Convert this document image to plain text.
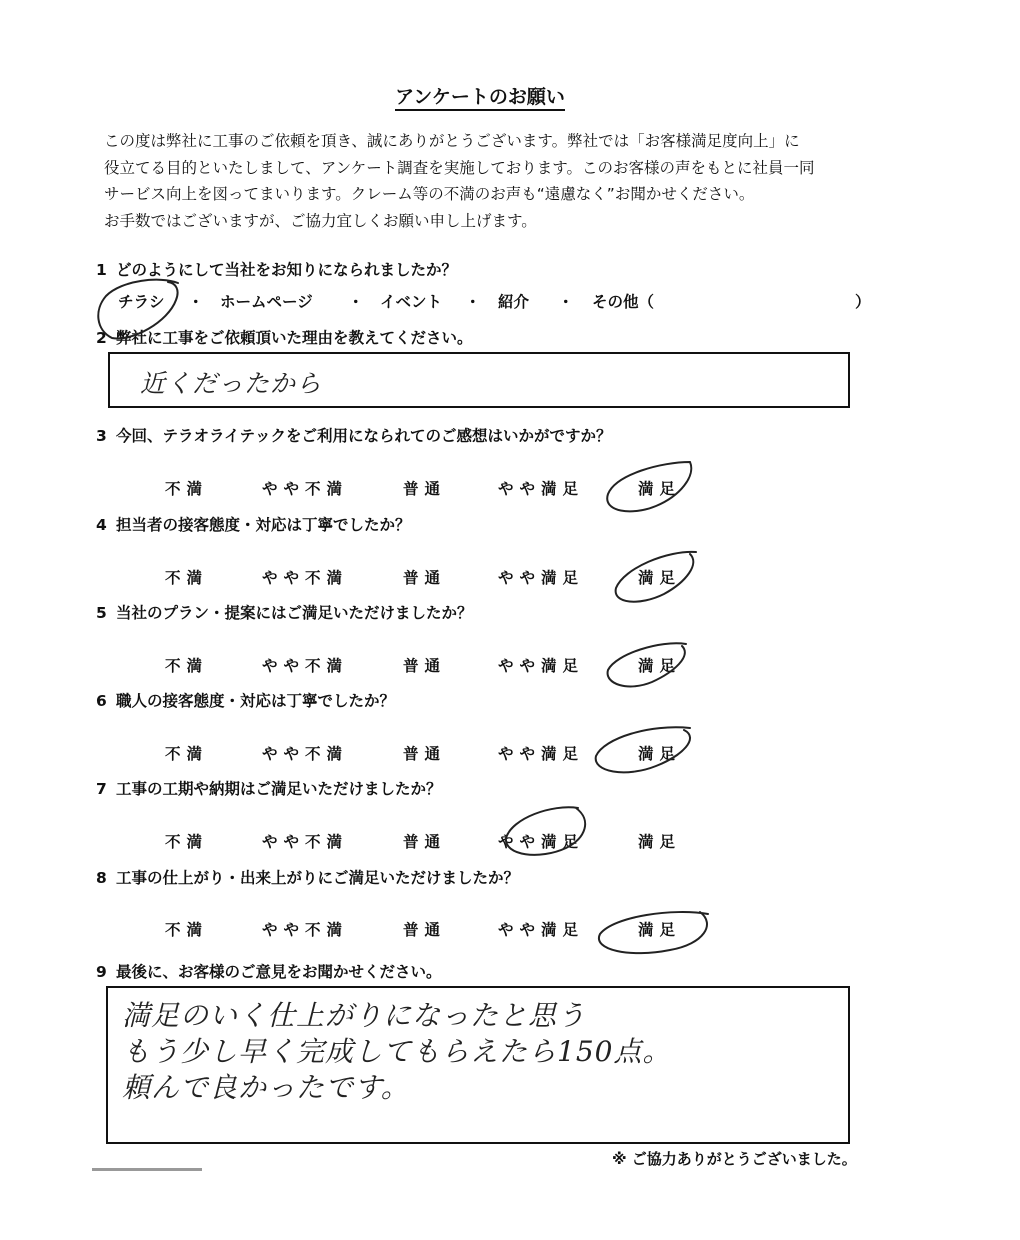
アンケートのお願い
この度は弊社に工事のご依頼を頂き、誠にありがとうございます。弊社では「お客様満足度向上」に
役立てる目的といたしまして、アンケート調査を実施しております。このお客様の声をもとに社員一同
サービス向上を図ってまいります。クレーム等の不満のお声も“遠慮なく”お聞かせください。
お手数ではございますが、ご協力宜しくお願い申し上げます。
1 どのようにして当社をお知りになられましたか？
チラシ ・ ホームページ ・ イベント ・ 紹介 ・ その他（	）
2 弊社に工事をご依頼頂いた理由を教えてください。
近くだったから
3 今回、テラオライテックをご利用になられてのご感想はいかがですか？
不満	やや不満	普通	やや満足	満足
4 担当者の接客態度・対応は丁寧でしたか？
不満	やや不満	普通	やや満足	満足
5 当社のプラン・提案にはご満足いただけましたか？
不満	やや不満	普通	やや満足	満足
6 職人の接客態度・対応は丁寧でしたか？
不満	やや不満	普通	やや満足	満足
7 工事の工期や納期はご満足いただけましたか？
不満	やや不満	普通	やや満足	満足
8 工事の仕上がり・出来上がりにご満足いただけましたか？
不満	やや不満	普通	やや満足	満足
9 最後に、お客様のご意見をお聞かせください。
満足のいく仕上がりになったと思う
もう少し早く完成してもらえたら150点。
頼んで良かったです。
※ ご協力ありがとうございました。
